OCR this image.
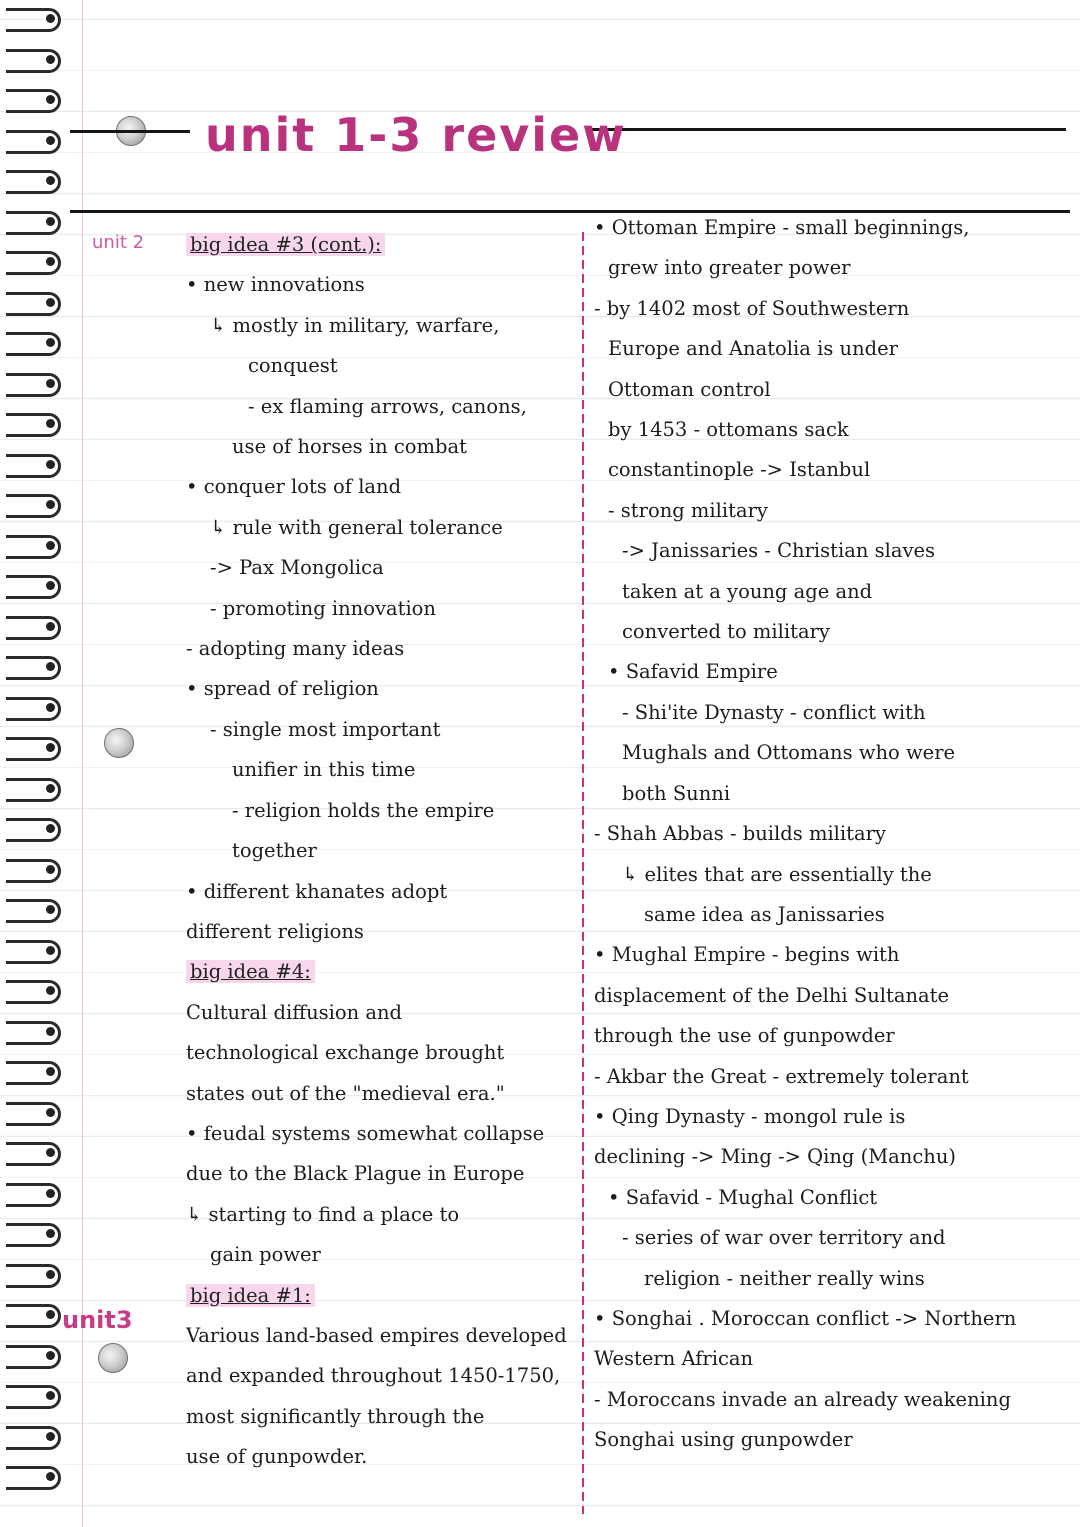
unit 1-3 review
unit 2
unit3
big idea #3 (cont.):
• new innovations
↳ mostly in military, warfare,
conquest
- ex flaming arrows, canons,
use of horses in combat
• conquer lots of land
↳ rule with general tolerance
-> Pax Mongolica
- promoting innovation
- adopting many ideas
• spread of religion
- single most important
unifier in this time
- religion holds the empire
together
• different khanates adopt
different religions
big idea #4:
Cultural diffusion and
technological exchange brought
states out of the "medieval era."
• feudal systems somewhat collapse
due to the Black Plague in Europe
↳ starting to find a place to
gain power
big idea #1:
Various land-based empires developed
and expanded throughout 1450-1750,
most significantly through the
use of gunpowder.
• Ottoman Empire - small beginnings,
grew into greater power
- by 1402 most of Southwestern
Europe and Anatolia is under
Ottoman control
by 1453 - ottomans sack
constantinople -> Istanbul
- strong military
-> Janissaries - Christian slaves
taken at a young age and
converted to military
• Safavid Empire
- Shi'ite Dynasty - conflict with
Mughals and Ottomans who were
both Sunni
- Shah Abbas - builds military
↳ elites that are essentially the
same idea as Janissaries
• Mughal Empire - begins with
displacement of the Delhi Sultanate
through the use of gunpowder
- Akbar the Great - extremely tolerant
• Qing Dynasty - mongol rule is
declining -> Ming -> Qing (Manchu)
• Safavid - Mughal Conflict
- series of war over territory and
religion - neither really wins
• Songhai . Moroccan conflict -> Northern
Western African
- Moroccans invade an already weakening
Songhai using gunpowder
